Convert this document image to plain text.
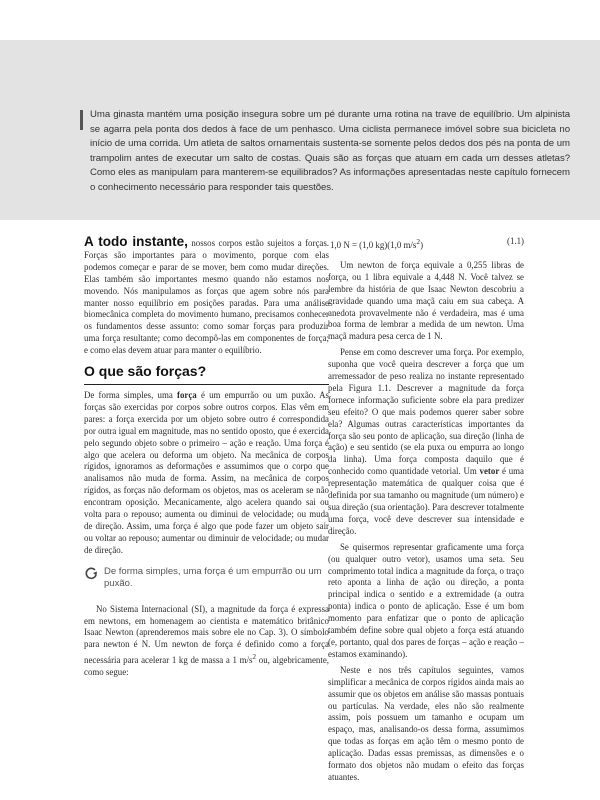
Uma ginasta mantém uma posição insegura sobre um pé durante uma rotina na trave de equilíbrio. Um alpinista se agarra pela ponta dos dedos à face de um penhasco. Uma ciclista permanece imóvel sobre sua bicicleta no início de uma corrida. Um atleta de saltos ornamentais sustenta-se somente pelos dedos dos pés na ponta de um trampolim antes de executar um salto de costas. Quais são as forças que atuam em cada um desses atletas? Como eles as manipulam para manterem-se equilibrados? As informações apresentadas neste capítulo fornecem o conhecimento necessário para responder tais questões.

A todo instante, nossos corpos estão sujeitos a forças. Forças são importantes para o movimento, porque com elas podemos começar e parar de se mover, bem como mudar direções. Elas também são importantes mesmo quando não estamos nos movendo. Nós manipulamos as forças que agem sobre nós para manter nosso equilíbrio em posições paradas. Para uma análise biomecânica completa do movimento humano, precisamos conhecer os fundamentos desse assunto: como somar forças para produzir uma força resultante; como decompô-las em componentes de força; e como elas devem atuar para manter o equilíbrio.

O que são forças?

De forma simples, uma força é um empurrão ou um puxão. As forças são exercidas por corpos sobre outros corpos. Elas vêm em pares: a força exercida por um objeto sobre outro é correspondida por outra igual em magnitude, mas no sentido oposto, que é exercida pelo segundo objeto sobre o primeiro – ação e reação. Uma força é algo que acelera ou deforma um objeto. Na mecânica de corpos rígidos, ignoramos as deformações e assumimos que o corpo que analisamos não muda de forma. Assim, na mecânica de corpos rígidos, as forças não deformam os objetos, mas os aceleram se não encontram oposição. Mecanicamente, algo acelera quando sai ou volta para o repouso; aumenta ou diminui de velocidade; ou muda de direção. Assim, uma força é algo que pode fazer um objeto sair ou voltar ao repouso; aumentar ou diminuir de velocidade; ou mudar de direção.

De forma simples, uma força é um empurrão ou um puxão.

No Sistema Internacional (SI), a magnitude da força é expressa em newtons, em homenagem ao cientista e matemático britânico Isaac Newton (aprenderemos mais sobre ele no Cap. 3). O símbolo para newton é N. Um newton de força é definido como a força necessária para acelerar 1 kg de massa a 1 $m/s^2$ ou, algebricamente, como segue:

1,0 N = (1,0 kg)(1,0 $m/s^2$)	(1.1)

Um newton de força equivale a 0,255 libras de força, ou 1 libra equivale a 4,448 N. Você talvez se lembre da história de que Isaac Newton descobriu a gravidade quando uma maçã caiu em sua cabeça. A anedota provavelmente não é verdadeira, mas é uma boa forma de lembrar a medida de um newton. Uma maçã madura pesa cerca de 1 N.

Pense em como descrever uma força. Por exemplo, suponha que você queira descrever a força que um arremessador de peso realiza no instante representado pela Figura 1.1. Descrever a magnitude da força fornece informação suficiente sobre ela para predizer seu efeito? O que mais podemos querer saber sobre ela? Algumas outras características importantes da força são seu ponto de aplicação, sua direção (linha de ação) e seu sentido (se ela puxa ou empurra ao longo da linha). Uma força composta daquilo que é conhecido como quantidade vetorial. Um vetor é uma representação matemática de qualquer coisa que é definida por sua tamanho ou magnitude (um número) e sua direção (sua orientação). Para descrever totalmente uma força, você deve descrever sua intensidade e direção.

Se quisermos representar graficamente uma força (ou qualquer outro vetor), usamos uma seta. Seu comprimento total indica a magnitude da força, o traço reto aponta a linha de ação ou direção, a ponta principal indica o sentido e a extremidade (a outra ponta) indica o ponto de aplicação. Esse é um bom momento para enfatizar que o ponto de aplicação também define sobre qual objeto a força está atuando (e, portanto, qual dos pares de forças – ação e reação – estamos examinando).

Neste e nos três capítulos seguintes, vamos simplificar a mecânica de corpos rígidos ainda mais ao assumir que os objetos em análise são massas pontuais ou partículas. Na verdade, eles não são realmente assim, pois possuem um tamanho e ocupam um espaço, mas, analisando-os dessa forma, assumimos que todas as forças em ação têm o mesmo ponto de aplicação. Dadas essas premissas, as dimensões e o formato dos objetos não mudam o efeito das forças atuantes.
